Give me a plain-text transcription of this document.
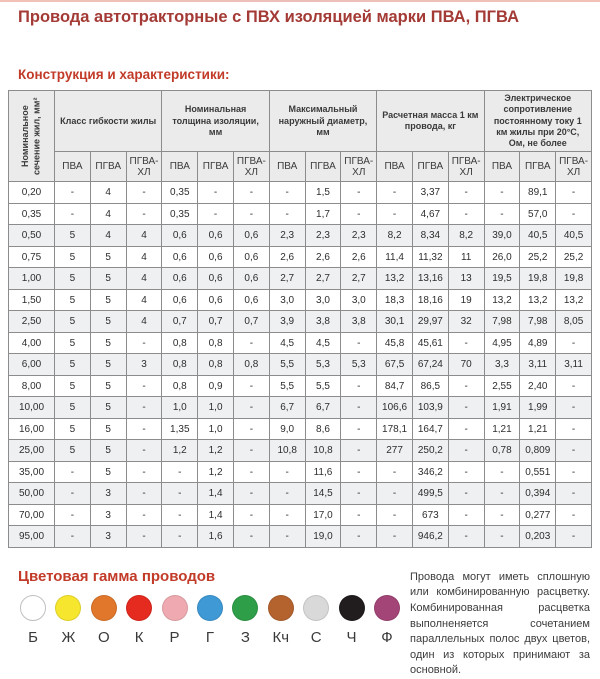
Провода автотракторные с ПВХ изоляцией марки ПВА, ПГВА
Конструкция и характеристики:
Номинальное сечение жил, мм²	Класс гибкости жилы			Номинальная толщина изоляции, мм			Максимальный наружный диаметр, мм			Расчетная масса 1 км провода, кг			Электрическое сопротивление постоянному току 1 км жилы при 20°С, Ом, не более		
	ПВА	ПГВА	ПГВА-ХЛ	ПВА	ПГВА	ПГВА-ХЛ	ПВА	ПГВА	ПГВА-ХЛ	ПВА	ПГВА	ПГВА-ХЛ	ПВА	ПГВА	ПГВА-ХЛ
0,20	-	4	-	0,35	-	-	-	1,5	-	-	3,37	-	-	89,1	-
0,35	-	4	-	0,35	-	-	-	1,7	-	-	4,67	-	-	57,0	-
0,50	5	4	4	0,6	0,6	0,6	2,3	2,3	2,3	8,2	8,34	8,2	39,0	40,5	40,5
0,75	5	5	4	0,6	0,6	0,6	2,6	2,6	2,6	11,4	11,32	11	26,0	25,2	25,2
1,00	5	5	4	0,6	0,6	0,6	2,7	2,7	2,7	13,2	13,16	13	19,5	19,8	19,8
1,50	5	5	4	0,6	0,6	0,6	3,0	3,0	3,0	18,3	18,16	19	13,2	13,2	13,2
2,50	5	5	4	0,7	0,7	0,7	3,9	3,8	3,8	30,1	29,97	32	7,98	7,98	8,05
4,00	5	5	-	0,8	0,8	-	4,5	4,5	-	45,8	45,61	-	4,95	4,89	-
6,00	5	5	3	0,8	0,8	0,8	5,5	5,3	5,3	67,5	67,24	70	3,3	3,11	3,11
8,00	5	5	-	0,8	0,9	-	5,5	5,5	-	84,7	86,5	-	2,55	2,40	-
10,00	5	5	-	1,0	1,0	-	6,7	6,7	-	106,6	103,9	-	1,91	1,99	-
16,00	5	5	-	1,35	1,0	-	9,0	8,6	-	178,1	164,7	-	1,21	1,21	-
25,00	5	5	-	1,2	1,2	-	10,8	10,8	-	277	250,2	-	0,78	0,809	-
35,00	-	5	-	-	1,2	-	-	11,6	-	-	346,2	-	-	0,551	-
50,00	-	3	-	-	1,4	-	-	14,5	-	-	499,5	-	-	0,394	-
70,00	-	3	-	-	1,4	-	-	17,0	-	-	673	-	-	0,277	-
95,00	-	3	-	-	1,6	-	-	19,0	-	-	946,2	-	-	0,203	-
Цветовая гамма проводов
Б Ж О К Р Г З Кч С Ч Ф
Провода могут иметь сплошную или комбинированную расцветку. Комбинированная расцветка выполненяется сочетанием параллельных полос двух цветов, один из которых принимают за основной.
